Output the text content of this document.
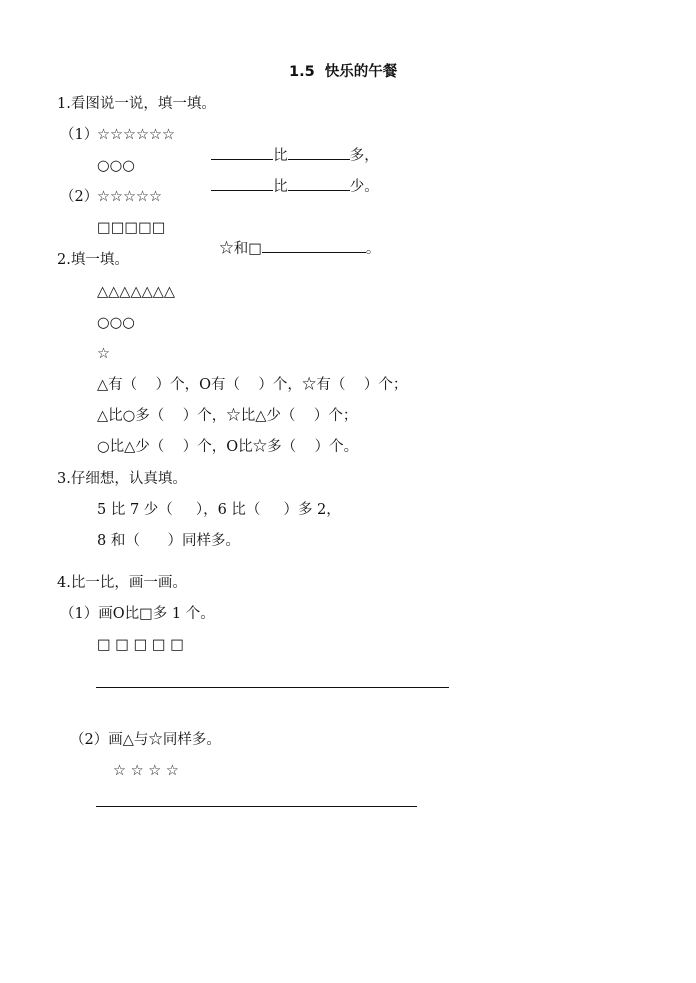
1.5  快乐的午餐
1.看图说一说，填一填。
（1）
☆☆☆☆☆☆

比	多，

○○○

比	少。

（2）
☆☆☆☆☆
□□□□□

☆和□	。

2.填一填。
△△△△△△△
○○○
☆
△有（    ）个，O有（    ）个，☆有（    ）个；
△比○多（    ）个，☆比△少（    ）个；
○比△少（    ）个，O比☆多（    ）个。
3.仔细想，认真填。
5 比 7 少（     ），6 比（     ）多 2，
8 和（      ）同样多。
4.比一比，画一画。
（1）画O比□多 1 个。
□ □ □ □ □
（2）画△与☆同样多。
☆ ☆ ☆ ☆
